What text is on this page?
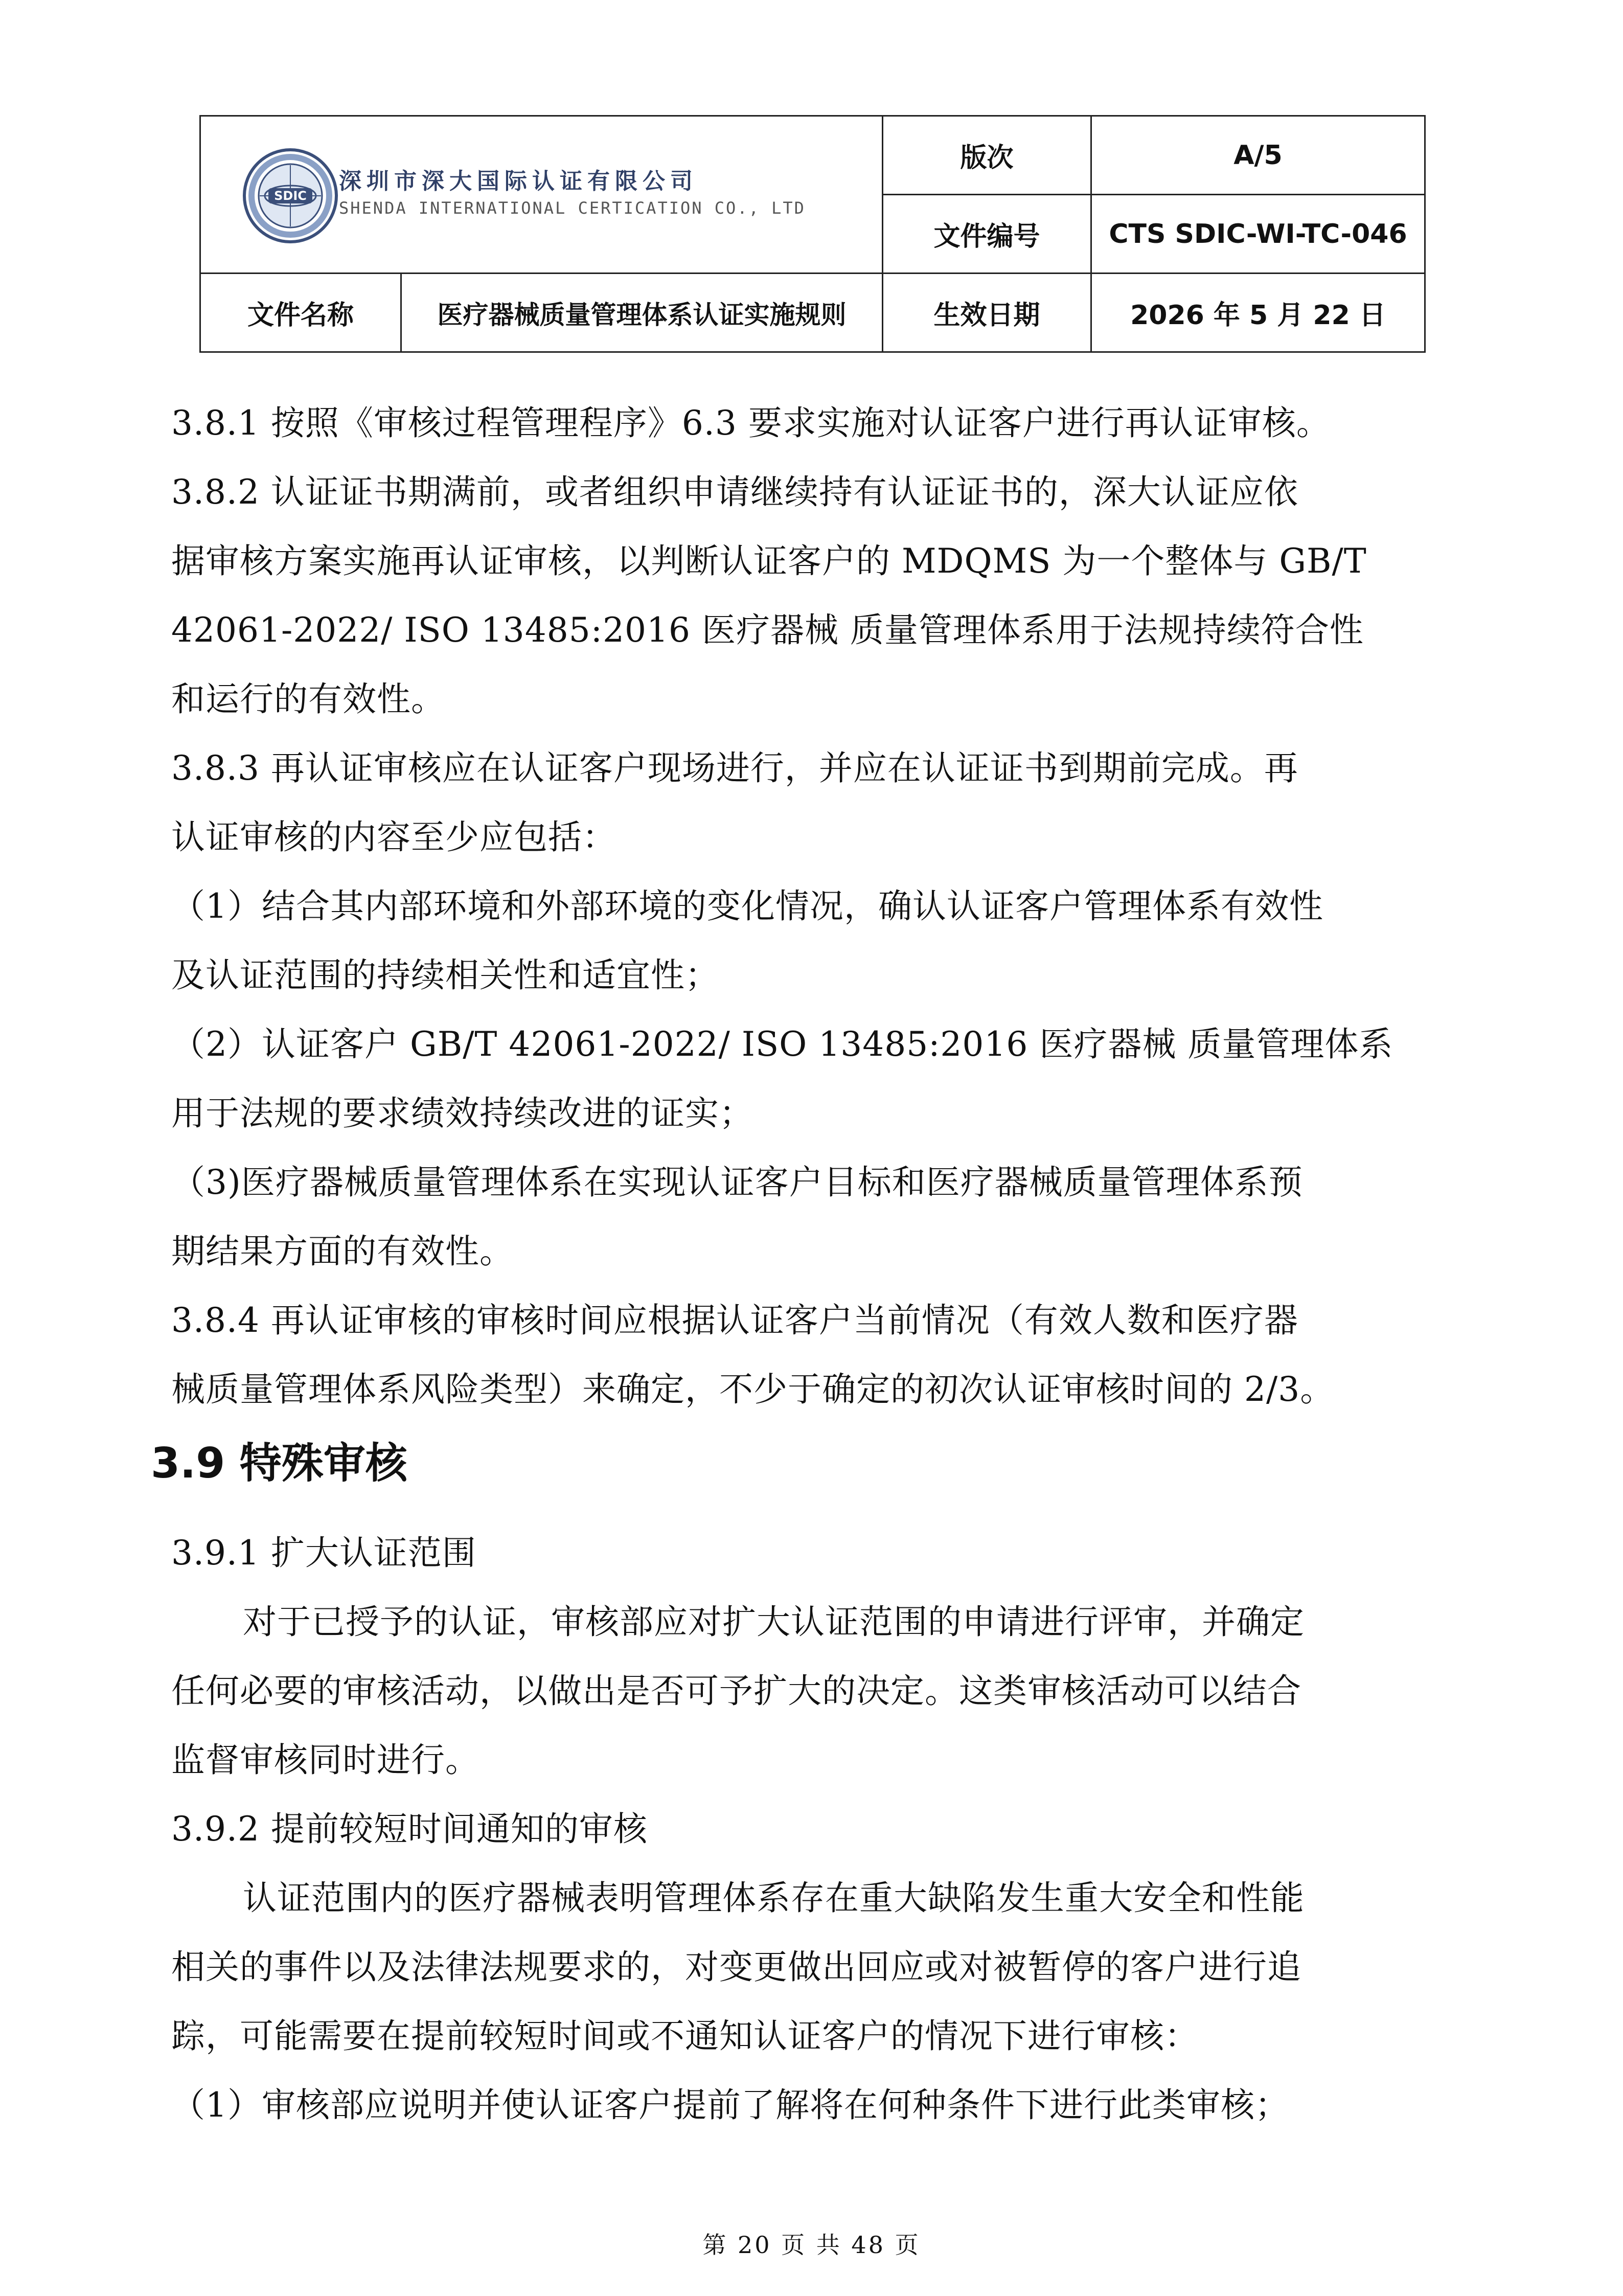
SDIC
深圳市深大国际认证有限公司
SHENDA INTERNATIONAL CERTICATION CO., LTD		版次	A/5
		文件编号	CTS SDIC-WI-TC-046
文件名称	医疗器械质量管理体系认证实施规则	生效日期	2026 年 5 月 22 日
3.8.1 按照《审核过程管理程序》6.3 要求实施对认证客户进行再认证审核。
3.8.2 认证证书期满前，或者组织申请继续持有认证证书的，深大认证应依
据审核方案实施再认证审核，以判断认证客户的 MDQMS 为一个整体与 GB/T
42061-2022/ ISO 13485:2016 医疗器械 质量管理体系用于法规持续符合性
和运行的有效性。
3.8.3 再认证审核应在认证客户现场进行，并应在认证证书到期前完成。再
认证审核的内容至少应包括：
（1）结合其内部环境和外部环境的变化情况，确认认证客户管理体系有效性
及认证范围的持续相关性和适宜性；
（2）认证客户 GB/T 42061-2022/ ISO 13485:2016 医疗器械 质量管理体系
用于法规的要求绩效持续改进的证实；
（3)医疗器械质量管理体系在实现认证客户目标和医疗器械质量管理体系预
期结果方面的有效性。
3.8.4 再认证审核的审核时间应根据认证客户当前情况（有效人数和医疗器
械质量管理体系风险类型）来确定，不少于确定的初次认证审核时间的 2/3。
3.9 特殊审核
3.9.1 扩大认证范围
对于已授予的认证，审核部应对扩大认证范围的申请进行评审，并确定
任何必要的审核活动，以做出是否可予扩大的决定。这类审核活动可以结合
监督审核同时进行。
3.9.2 提前较短时间通知的审核
认证范围内的医疗器械表明管理体系存在重大缺陷发生重大安全和性能
相关的事件以及法律法规要求的，对变更做出回应或对被暂停的客户进行追
踪，可能需要在提前较短时间或不通知认证客户的情况下进行审核：
（1）审核部应说明并使认证客户提前了解将在何种条件下进行此类审核；
第 20 页 共 48 页
